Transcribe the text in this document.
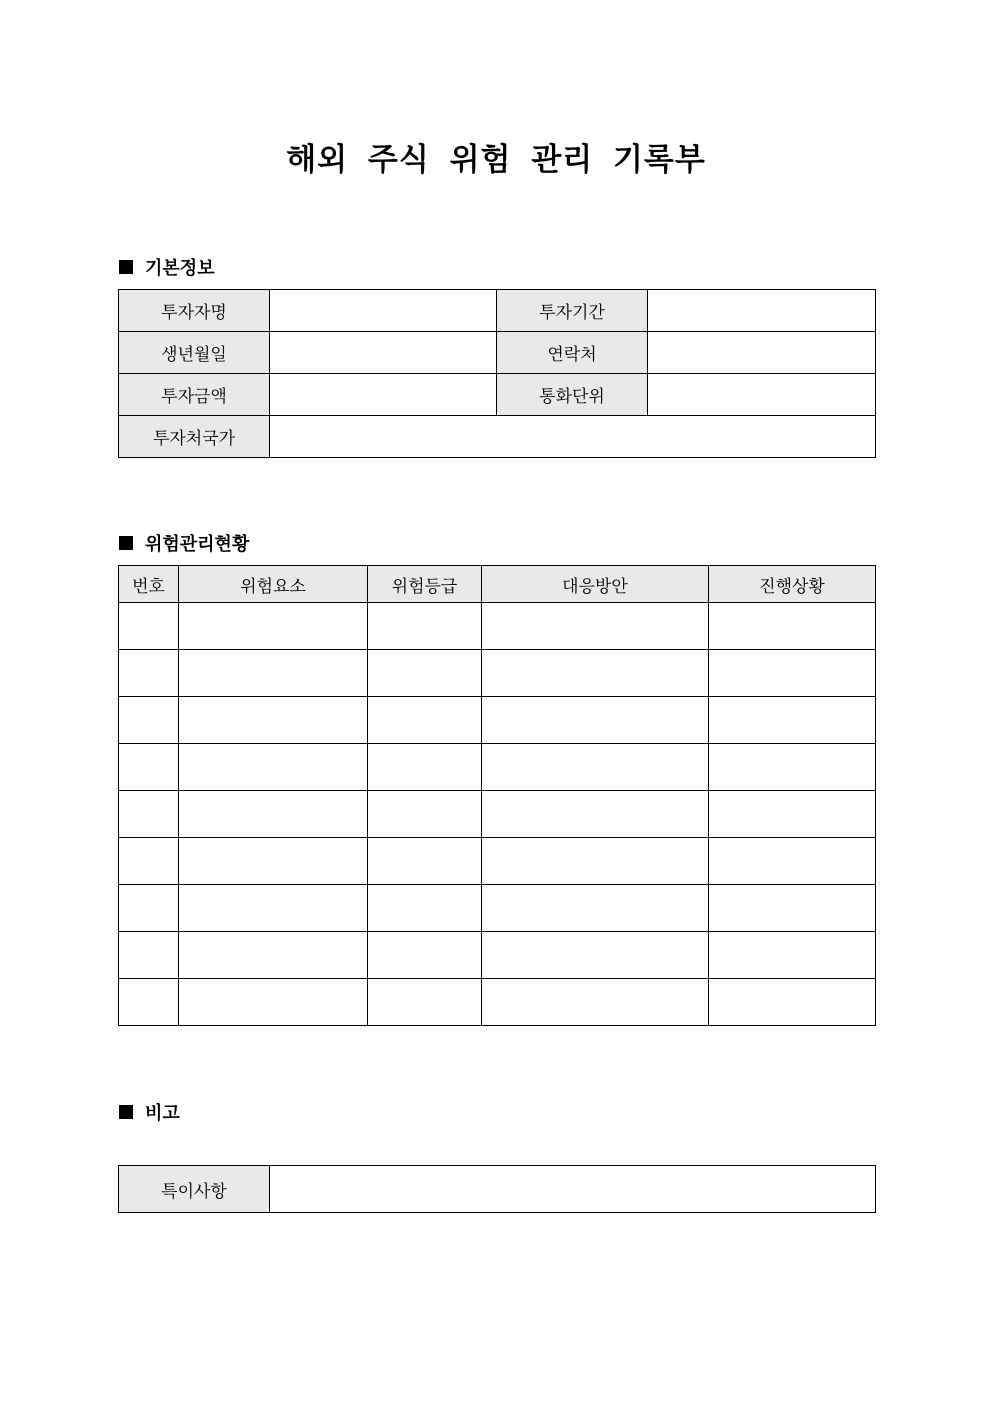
해외 주식 위험 관리 기록부
기본정보
투자자명		투자기간	
생년월일		연락처	
투자금액		통화단위	
투자처국가			
위험관리현황
번호	위험요소	위험등급	대응방안	진행상황

비고
특이사항	
